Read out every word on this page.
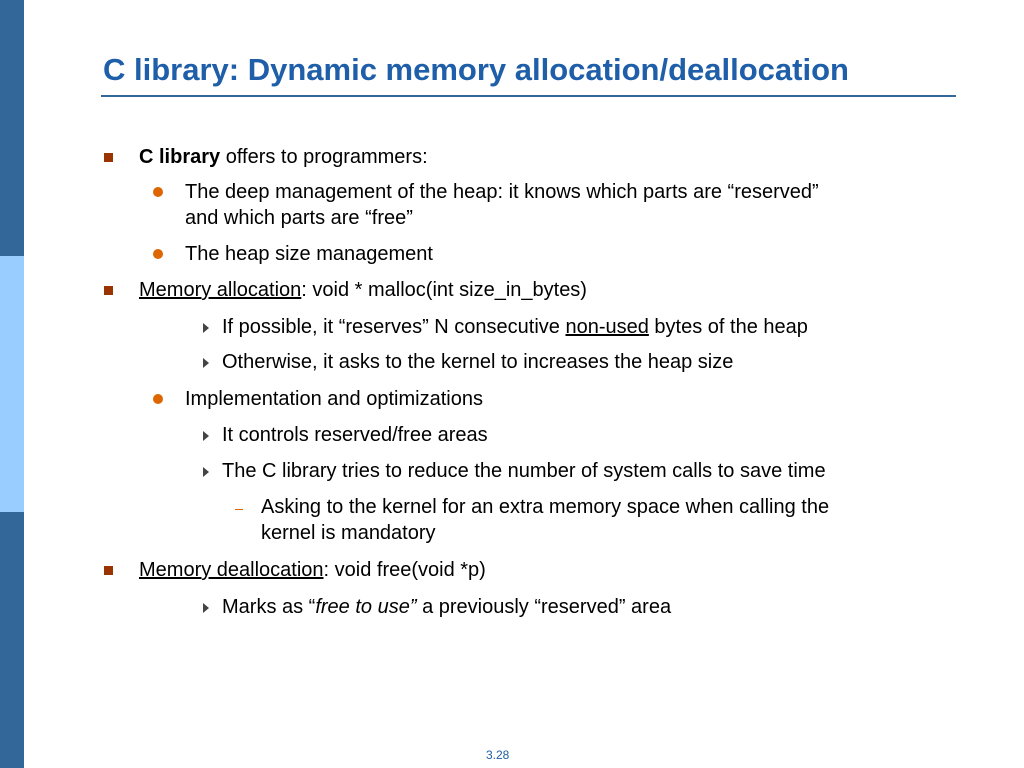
C library: Dynamic memory allocation/deallocation
C library offers to programmers:
The deep management of the heap: it knows which parts are “reserved”
and which parts are “free”
The heap size management
Memory allocation: void * malloc(int size_in_bytes)
If possible, it “reserves” N consecutive non-used bytes of the heap
Otherwise, it asks to the kernel to increases the heap size
Implementation and optimizations
It controls reserved/free areas
The C library tries to reduce the number of system calls to save time
Asking to the kernel for an extra memory space when calling the
kernel is mandatory
Memory deallocation: void free(void *p)
Marks as “free to use” a previously “reserved” area
3.28
